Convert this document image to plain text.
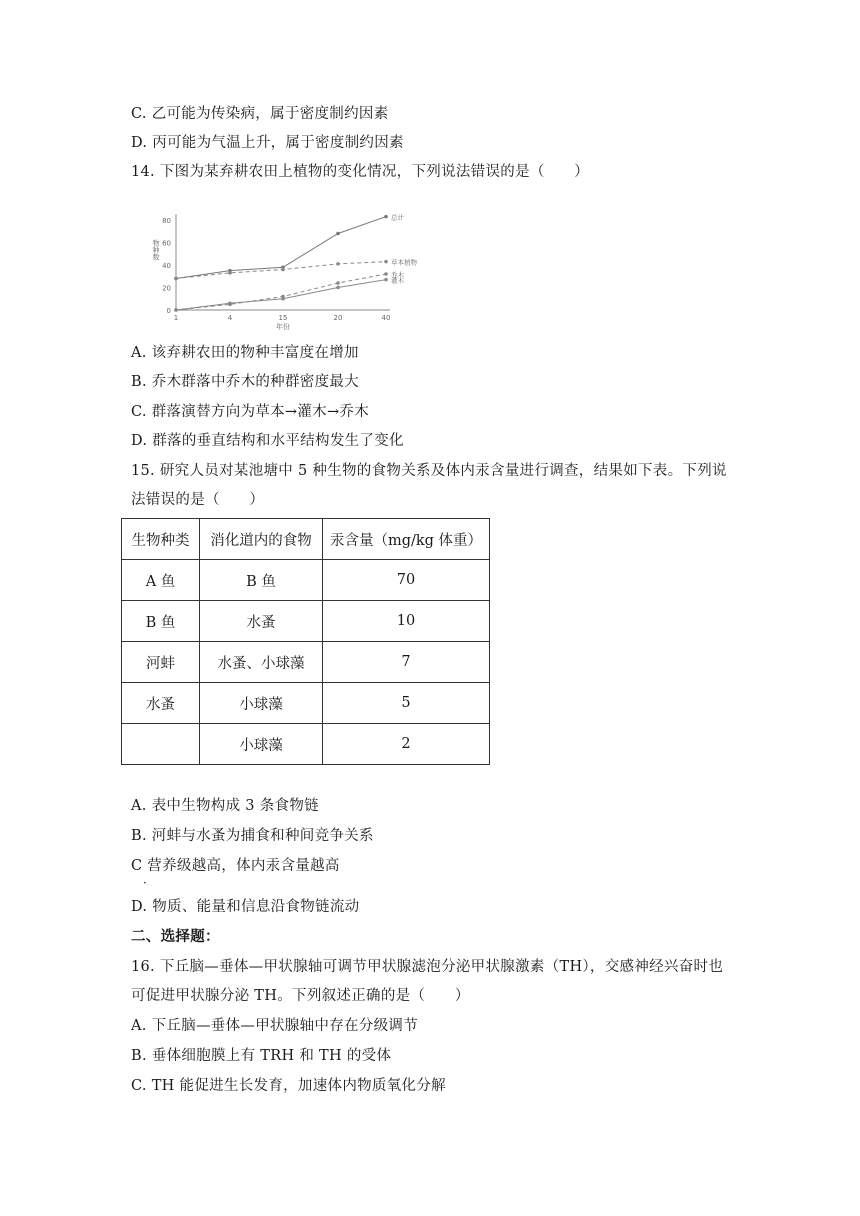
C. 乙可能为传染病，属于密度制约因素
D. 丙可能为气温上升，属于密度制约因素
14. 下图为某弃耕农田上植物的变化情况，下列说法错误的是（　　）
0
20
40
60
80
1	4	15	20	40
年份
物种数
总计
草本植物
乔木
灌木
A. 该弃耕农田的物种丰富度在增加
B. 乔木群落中乔木的种群密度最大
C. 群落演替方向为草本→灌木→乔木
D. 群落的垂直结构和水平结构发生了变化
15. 研究人员对某池塘中 5 种生物的食物关系及体内汞含量进行调查，结果如下表。下列说
法错误的是（　　）
生物种类	消化道内的食物	汞含量（mg/kg 体重）
A 鱼	B 鱼	70
B 鱼	水蚤	10
河蚌	水蚤、小球藻	7
水蚤	小球藻	5
	小球藻	2
A. 表中生物构成 3 条食物链
B. 河蚌与水蚤为捕食和种间竞争关系
C 营养级越高，体内汞含量越高
·
D. 物质、能量和信息沿食物链流动
二、选择题：
16. 下丘脑—垂体—甲状腺轴可调节甲状腺滤泡分泌甲状腺激素（TH），交感神经兴奋时也
可促进甲状腺分泌 TH。下列叙述正确的是（　　）
A. 下丘脑—垂体—甲状腺轴中存在分级调节
B. 垂体细胞膜上有 TRH 和 TH 的受体
C. TH 能促进生长发育，加速体内物质氧化分解
